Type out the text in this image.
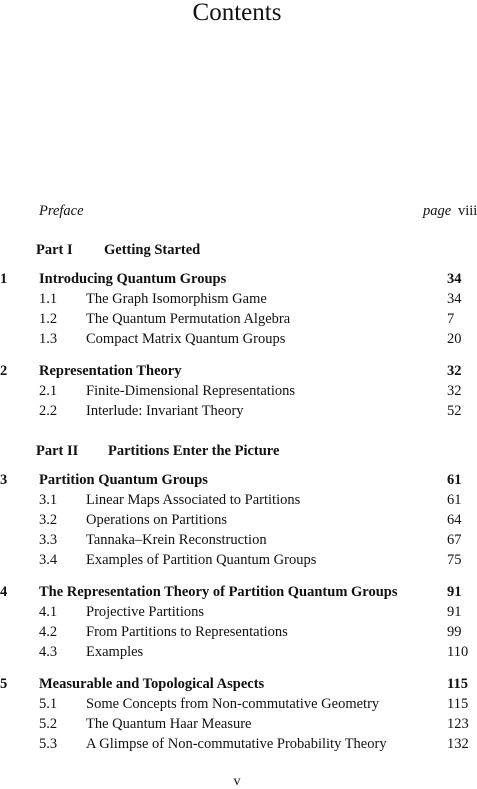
Contents
Preface	page viii
Part I Getting Started
1 Introducing Quantum Groups	34
1.1 The Graph Isomorphism Game	34
1.2 The Quantum Permutation Algebra	7
1.3 Compact Matrix Quantum Groups	20
2 Representation Theory	32
2.1 Finite-Dimensional Representations	32
2.2 Interlude: Invariant Theory	52
Part II Partitions Enter the Picture
3 Partition Quantum Groups	61
3.1 Linear Maps Associated to Partitions	61
3.2 Operations on Partitions	64
3.3 Tannaka–Krein Reconstruction	67
3.4 Examples of Partition Quantum Groups	75
4 The Representation Theory of Partition Quantum Groups	91
4.1 Projective Partitions	91
4.2 From Partitions to Representations	99
4.3 Examples	110
5 Measurable and Topological Aspects	115
5.1 Some Concepts from Non-commutative Geometry	115
5.2 The Quantum Haar Measure	123
5.3 A Glimpse of Non-commutative Probability Theory	132
v
